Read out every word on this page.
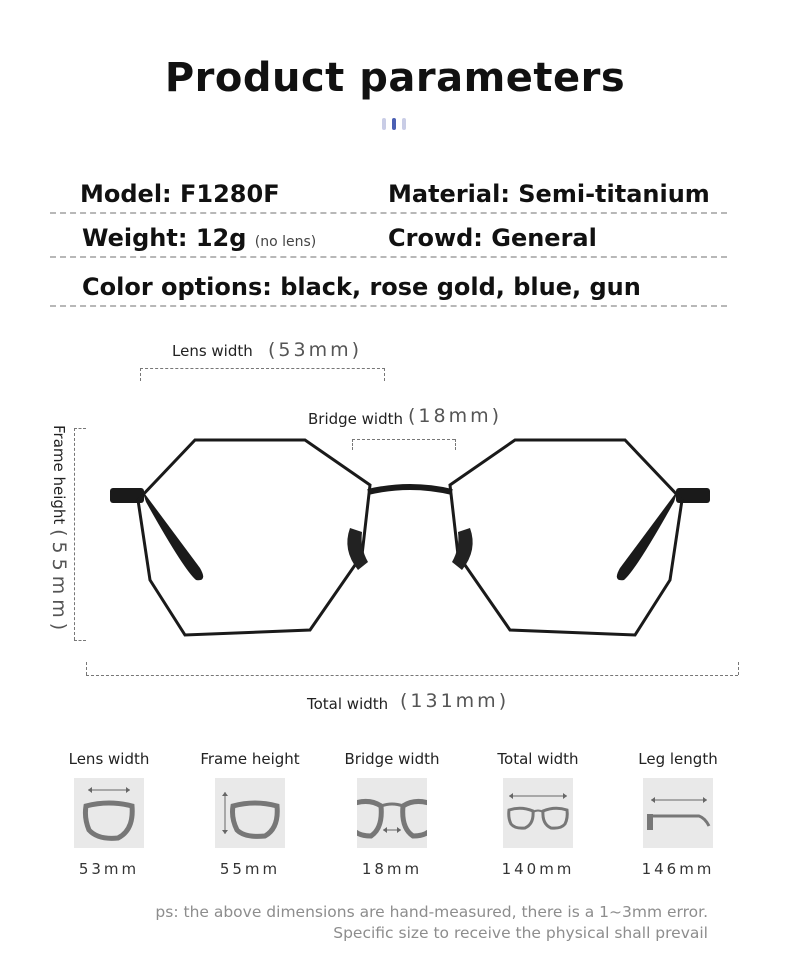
Product parameters
Model: F1280F	Material: Semi-titanium
Weight: 12g (no lens)	Crowd: General
Color options: black, rose gold, blue, gun
Lens width (53mm)
Bridge width (18mm)
Frame height (55mm)
Total width (131mm)
Lens width
53mm
Frame height
55mm
Bridge width
18mm
Total width
140mm
Leg length
146mm
ps: the above dimensions are hand-measured, there is a 1~3mm error.
Specific size to receive the physical shall prevail
